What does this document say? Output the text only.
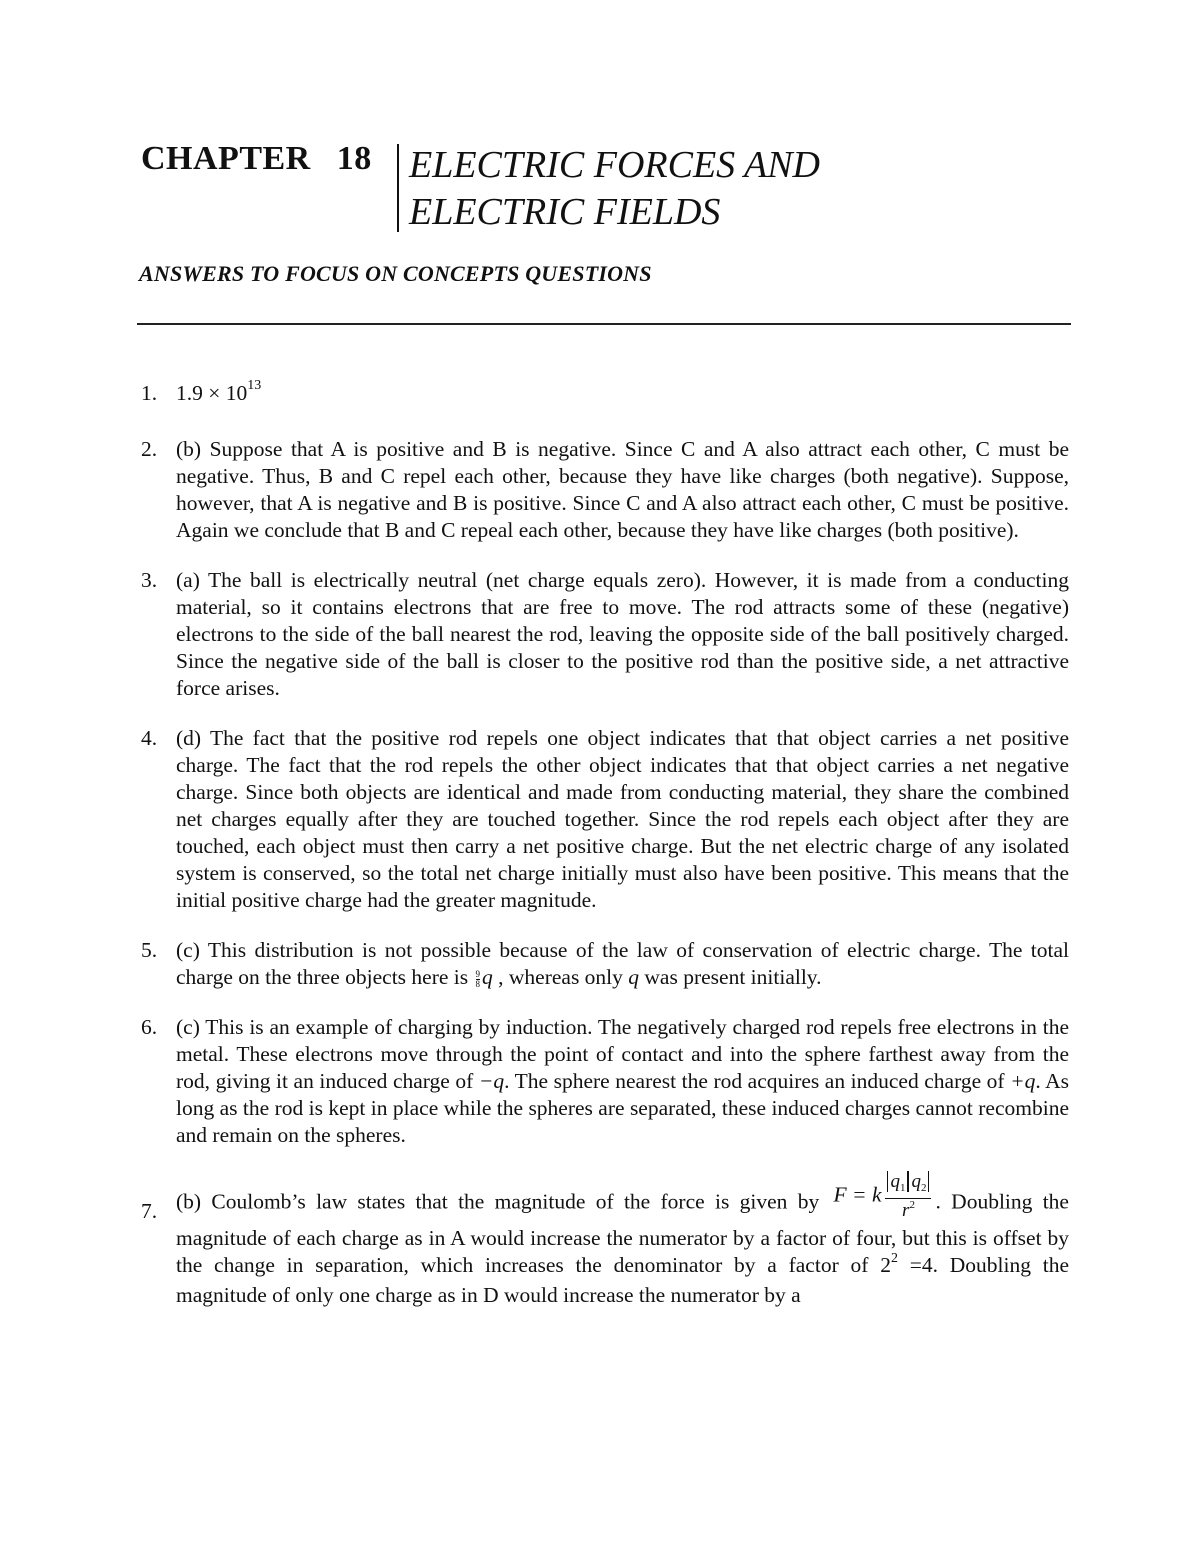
CHAPTER 18 ELECTRIC FORCES AND
ELECTRIC FIELDS
ANSWERS TO FOCUS ON CONCEPTS QUESTIONS
1. $1.9 \times 10^{13}$

2. (b) Suppose that A is positive and B is negative. Since C and A also attract each other, C must be negative. Thus, B and C repel each other, because they have like charges (both negative). Suppose, however, that A is negative and B is positive. Since C and A also attract each other, C must be positive. Again we conclude that B and C repeal each other, because they have like charges (both positive).

3. (a) The ball is electrically neutral (net charge equals zero). However, it is made from a conducting material, so it contains electrons that are free to move. The rod attracts some of these (negative) electrons to the side of the ball nearest the rod, leaving the opposite side of the ball positively charged. Since the negative side of the ball is closer to the positive rod than the positive side, a net attractive force arises.

4. (d) The fact that the positive rod repels one object indicates that that object carries a net positive charge. The fact that the rod repels the other object indicates that that object carries a net negative charge. Since both objects are identical and made from conducting material, they share the combined net charges equally after they are touched together. Since the rod repels each object after they are touched, each object must then carry a net positive charge. But the net electric charge of any isolated system is conserved, so the total net charge initially must also have been positive. This means that the initial positive charge had the greater magnitude.

5. (c) This distribution is not possible because of the law of conservation of electric charge. The total charge on the three objects here is $\frac{9}{8}$ q , whereas only q was present initially.

6. (c) This is an example of charging by induction. The negatively charged rod repels free electrons in the metal. These electrons move through the point of contact and into the sphere farthest away from the rod, giving it an induced charge of −q. The sphere nearest the rod acquires an induced charge of +q. As long as the rod is kept in place while the spheres are separated, these induced charges cannot recombine and remain on the spheres.

7. (b) Coulomb’s law states that the magnitude of the force is given by F = k $\frac{q_1 q_2}{r^2}$ . Doubling the magnitude of each charge as in A would increase the numerator by a factor of four, but this is offset by the change in separation, which increases the denominator by a factor of $2^2 =4$. Doubling the magnitude of only one charge as in D would increase the numerator by a
